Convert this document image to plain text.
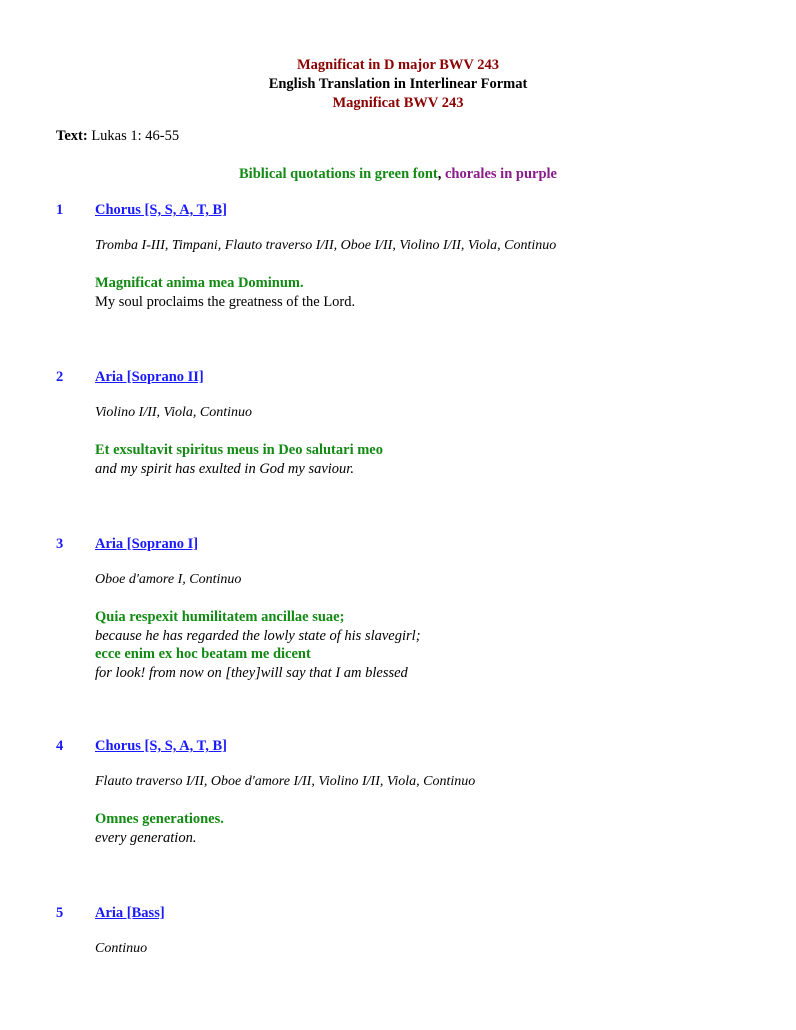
Magnificat in D major BWV 243
English Translation in Interlinear Format
Magnificat BWV 243
Text: Lukas 1: 46-55
Biblical quotations in green font, chorales in purple
1 Chorus [S, S, A, T, B]
Tromba I-III, Timpani, Flauto traverso I/II, Oboe I/II, Violino I/II, Viola, Continuo
Magnificat anima mea Dominum.
My soul proclaims the greatness of the Lord.
2 Aria [Soprano II]
Violino I/II, Viola, Continuo
Et exsultavit spiritus meus in Deo salutari meo
and my spirit has exulted in God my saviour.
3 Aria [Soprano I]
Oboe d'amore I, Continuo
Quia respexit humilitatem ancillae suae;
because he has regarded the lowly state of his slavegirl;
ecce enim ex hoc beatam me dicent
for look! from now on [they]will say that I am blessed
4 Chorus [S, S, A, T, B]
Flauto traverso I/II, Oboe d'amore I/II, Violino I/II, Viola, Continuo
Omnes generationes.
every generation.
5 Aria [Bass]
Continuo
